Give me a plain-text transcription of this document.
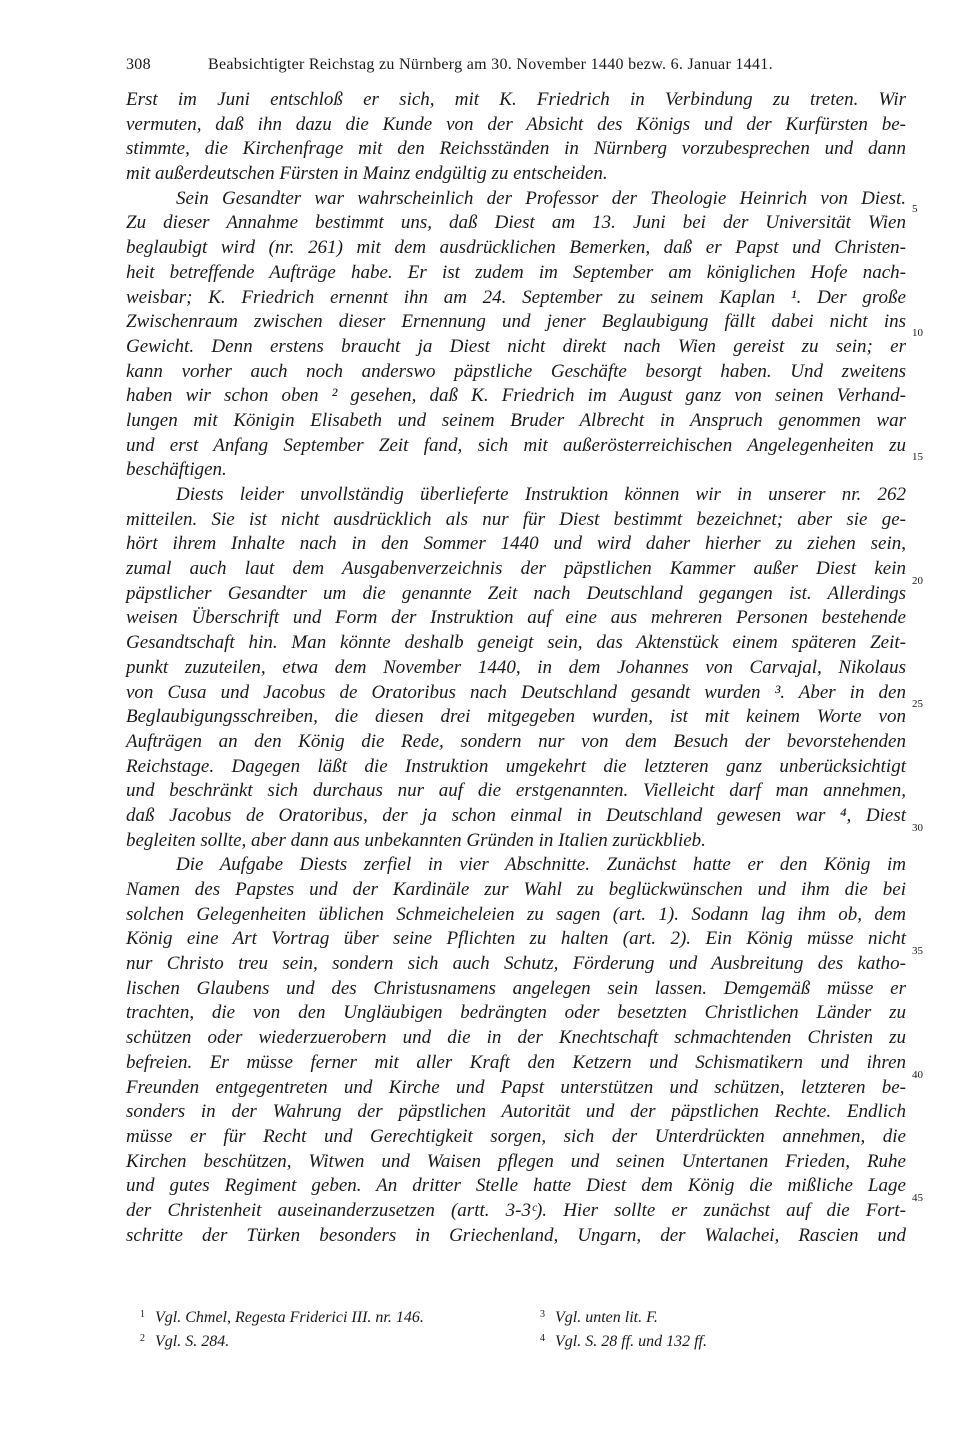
308	Beabsichtigter Reichstag zu Nürnberg am 30. November 1440 bezw. 6. Januar 1441.
Erst im Juni entschloß er sich, mit K. Friedrich in Verbindung zu treten. Wir
vermuten, daß ihn dazu die Kunde von der Absicht des Königs und der Kurfürsten be-
stimmte, die Kirchenfrage mit den Reichsständen in Nürnberg vorzubesprechen und dann
mit außerdeutschen Fürsten in Mainz endgültig zu entscheiden.
Sein Gesandter war wahrscheinlich der Professor der Theologie Heinrich von Diest.
Zu dieser Annahme bestimmt uns, daß Diest am 13. Juni bei der Universität Wien
beglaubigt wird (nr. 261) mit dem ausdrücklichen Bemerken, daß er Papst und Christen-
heit betreffende Aufträge habe. Er ist zudem im September am königlichen Hofe nach-
weisbar; K. Friedrich ernennt ihn am 24. September zu seinem Kaplan ¹. Der große
Zwischenraum zwischen dieser Ernennung und jener Beglaubigung fällt dabei nicht ins
Gewicht. Denn erstens braucht ja Diest nicht direkt nach Wien gereist zu sein; er
kann vorher auch noch anderswo päpstliche Geschäfte besorgt haben. Und zweitens
haben wir schon oben ² gesehen, daß K. Friedrich im August ganz von seinen Verhand-
lungen mit Königin Elisabeth und seinem Bruder Albrecht in Anspruch genommen war
und erst Anfang September Zeit fand, sich mit außerösterreichischen Angelegenheiten zu
beschäftigen.
Diests leider unvollständig überlieferte Instruktion können wir in unserer nr. 262
mitteilen. Sie ist nicht ausdrücklich als nur für Diest bestimmt bezeichnet; aber sie ge-
hört ihrem Inhalte nach in den Sommer 1440 und wird daher hierher zu ziehen sein,
zumal auch laut dem Ausgabenverzeichnis der päpstlichen Kammer außer Diest kein
päpstlicher Gesandter um die genannte Zeit nach Deutschland gegangen ist. Allerdings
weisen Überschrift und Form der Instruktion auf eine aus mehreren Personen bestehende
Gesandtschaft hin. Man könnte deshalb geneigt sein, das Aktenstück einem späteren Zeit-
punkt zuzuteilen, etwa dem November 1440, in dem Johannes von Carvajal, Nikolaus
von Cusa und Jacobus de Oratoribus nach Deutschland gesandt wurden ³. Aber in den
Beglaubigungsschreiben, die diesen drei mitgegeben wurden, ist mit keinem Worte von
Aufträgen an den König die Rede, sondern nur von dem Besuch der bevorstehenden
Reichstage. Dagegen läßt die Instruktion umgekehrt die letzteren ganz unberücksichtigt
und beschränkt sich durchaus nur auf die erstgenannten. Vielleicht darf man annehmen,
daß Jacobus de Oratoribus, der ja schon einmal in Deutschland gewesen war ⁴, Diest
begleiten sollte, aber dann aus unbekannten Gründen in Italien zurückblieb.
Die Aufgabe Diests zerfiel in vier Abschnitte. Zunächst hatte er den König im
Namen des Papstes und der Kardinäle zur Wahl zu beglückwünschen und ihm die bei
solchen Gelegenheiten üblichen Schmeicheleien zu sagen (art. 1). Sodann lag ihm ob, dem
König eine Art Vortrag über seine Pflichten zu halten (art. 2). Ein König müsse nicht
nur Christo treu sein, sondern sich auch Schutz, Förderung und Ausbreitung des katho-
lischen Glaubens und des Christusnamens angelegen sein lassen. Demgemäß müsse er
trachten, die von den Ungläubigen bedrängten oder besetzten Christlichen Länder zu
schützen oder wiederzuerobern und die in der Knechtschaft schmachtenden Christen zu
befreien. Er müsse ferner mit aller Kraft den Ketzern und Schismatikern und ihren
Freunden entgegentreten und Kirche und Papst unterstützen und schützen, letzteren be-
sonders in der Wahrung der päpstlichen Autorität und der päpstlichen Rechte. Endlich
müsse er für Recht und Gerechtigkeit sorgen, sich der Unterdrückten annehmen, die
Kirchen beschützen, Witwen und Waisen pflegen und seinen Untertanen Frieden, Ruhe
und gutes Regiment geben. An dritter Stelle hatte Diest dem König die mißliche Lage
der Christenheit auseinanderzusetzen (artt. 3-3ᶜ). Hier sollte er zunächst auf die Fort-
schritte der Türken besonders in Griechenland, Ungarn, der Walachei, Rascien und
5
10
15
20
25
30
35
40
45
$^1$ Vgl. Chmel, Regesta Friderici III. nr. 146.
$^2$ Vgl. S. 284.
$^3$ Vgl. unten lit. F.
$^4$ Vgl. S. 28 ff. und 132 ff.
